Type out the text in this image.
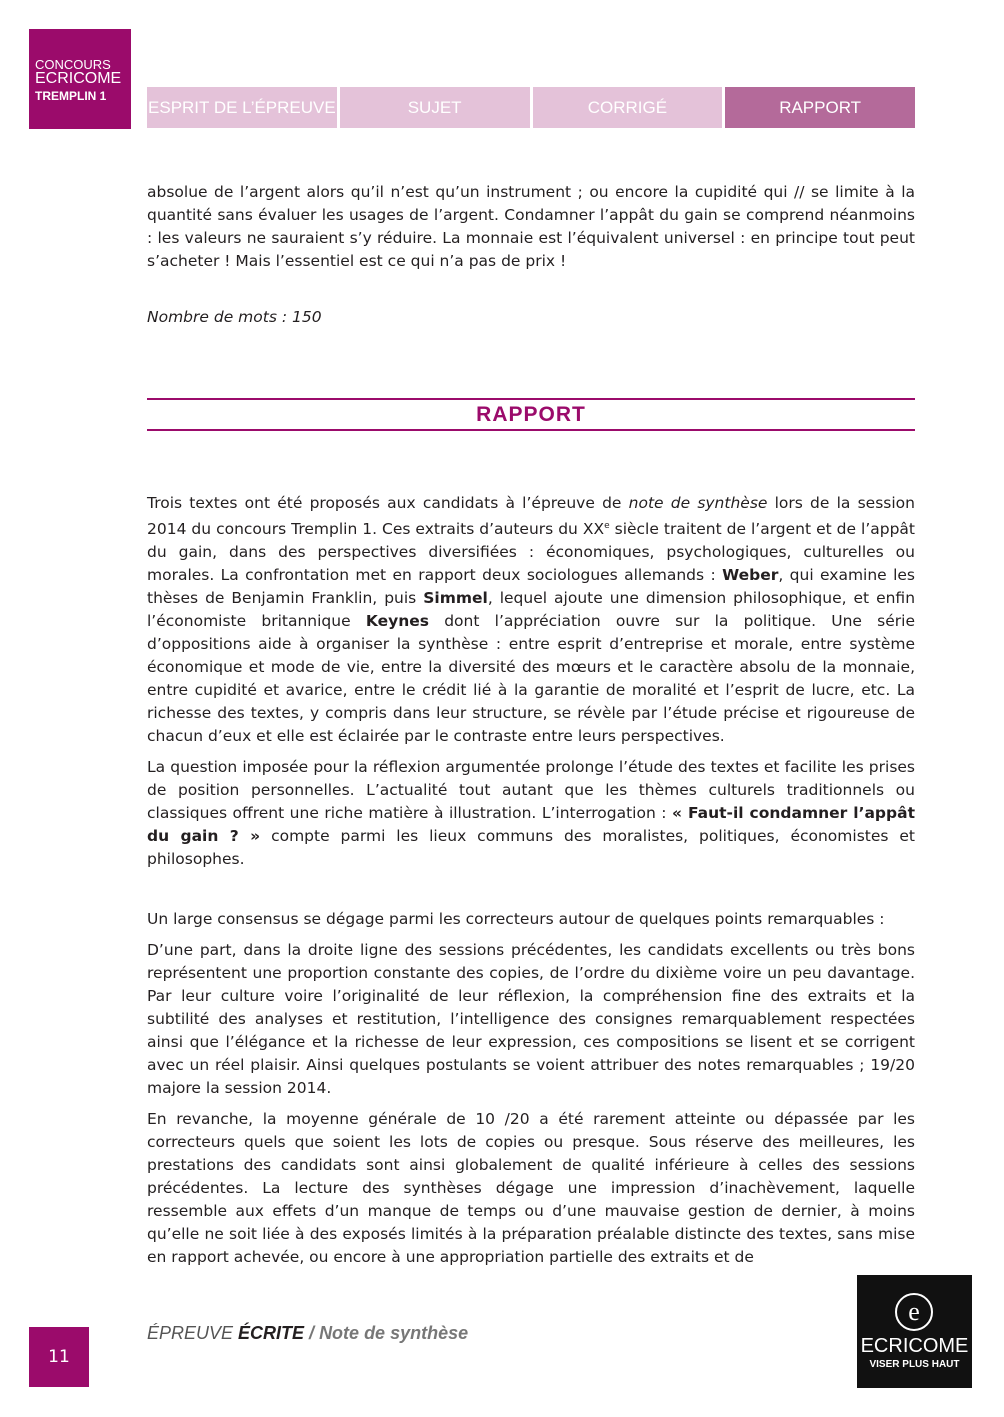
CONCOURS
ECRICOME
TREMPLIN 1
ESPRIT DE L’ÉPREUVE	SUJET	CORRIGÉ	RAPPORT

absolue de l’argent alors qu’il n’est qu’un instrument ; ou encore la cupidité qui // se limite à la quantité sans évaluer les usages de l’argent. Condamner l’appât du gain se comprend néanmoins : les valeurs ne sauraient s’y réduire. La monnaie est l’équivalent universel : en principe tout peut s’acheter ! Mais l’essentiel est ce qui n’a pas de prix !

Nombre de mots : 150

RAPPORT

Trois textes ont été proposés aux candidats à l’épreuve de note de synthèse lors de la session 2014 du concours Tremplin 1. Ces extraits d’auteurs du XXe siècle traitent de l’argent et de l’appât du gain, dans des perspectives diversifiées : économiques, psychologiques, culturelles ou morales. La confrontation met en rapport deux sociologues allemands : Weber, qui examine les thèses de Benjamin Franklin, puis Simmel, lequel ajoute une dimension philosophique, et enfin l’économiste britannique Keynes dont l’appréciation ouvre sur la politique. Une série d’oppositions aide à organiser la synthèse : entre esprit d’entreprise et morale, entre système économique et mode de vie, entre la diversité des mœurs et le caractère absolu de la monnaie, entre cupidité et avarice, entre le crédit lié à la garantie de moralité et l’esprit de lucre, etc. La richesse des textes, y compris dans leur structure, se révèle par l’étude précise et rigoureuse de chacun d’eux et elle est éclairée par le contraste entre leurs perspectives.

La question imposée pour la réflexion argumentée prolonge l’étude des textes et facilite les prises de position personnelles. L’actualité tout autant que les thèmes culturels traditionnels ou classiques offrent une riche matière à illustration. L’interrogation : « Faut-il condamner l’appât du gain ? » compte parmi les lieux communs des moralistes, politiques, économistes et philosophes.

Un large consensus se dégage parmi les correcteurs autour de quelques points remarquables :

D’une part, dans la droite ligne des sessions précédentes, les candidats excellents ou très bons représentent une proportion constante des copies, de l’ordre du dixième voire un peu davantage. Par leur culture voire l’originalité de leur réflexion, la compréhension fine des extraits et la subtilité des analyses et restitution, l’intelligence des consignes remarquablement respectées ainsi que l’élégance et la richesse de leur expression, ces compositions se lisent et se corrigent avec un réel plaisir. Ainsi quelques postulants se voient attribuer des notes remarquables ; 19/20 majore la session 2014.

En revanche, la moyenne générale de 10 /20 a été rarement atteinte ou dépassée par les correcteurs quels que soient les lots de copies ou presque. Sous réserve des meilleures, les prestations des candidats sont ainsi globalement de qualité inférieure à celles des sessions précédentes. La lecture des synthèses dégage une impression d’inachèvement, laquelle ressemble aux effets d’un manque de temps ou d’une mauvaise gestion de dernier, à moins qu’elle ne soit liée à des exposés limités à la préparation préalable distincte des textes, sans mise en rapport achevée, ou encore à une appropriation partielle des extraits et de

11
ÉPREUVE ÉCRITE / Note de synthèse
e
ECRICOME
VISER PLUS HAUT
